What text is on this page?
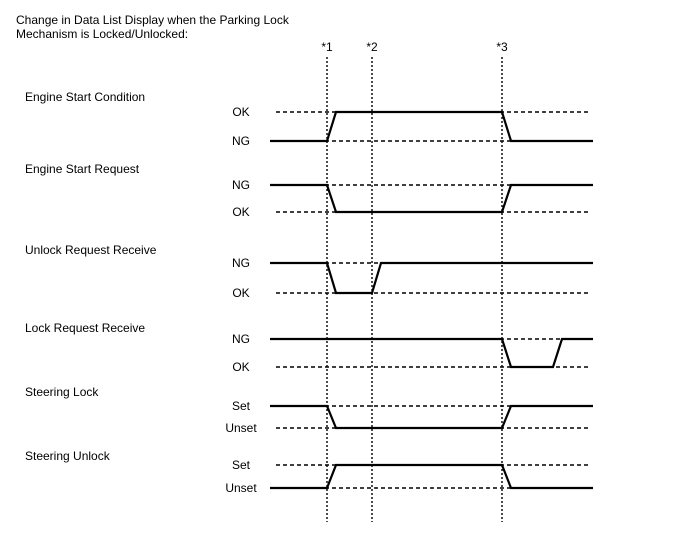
Change in Data List Display when the Parking Lock
Mechanism is Locked/Unlocked:
*1	*2	*3
Engine Start Condition
OK
NG
Engine Start Request
NG
OK
Unlock Request Receive
NG
OK
Lock Request Receive
NG
OK
Steering Lock
Set
Unset
Steering Unlock
Set
Unset
